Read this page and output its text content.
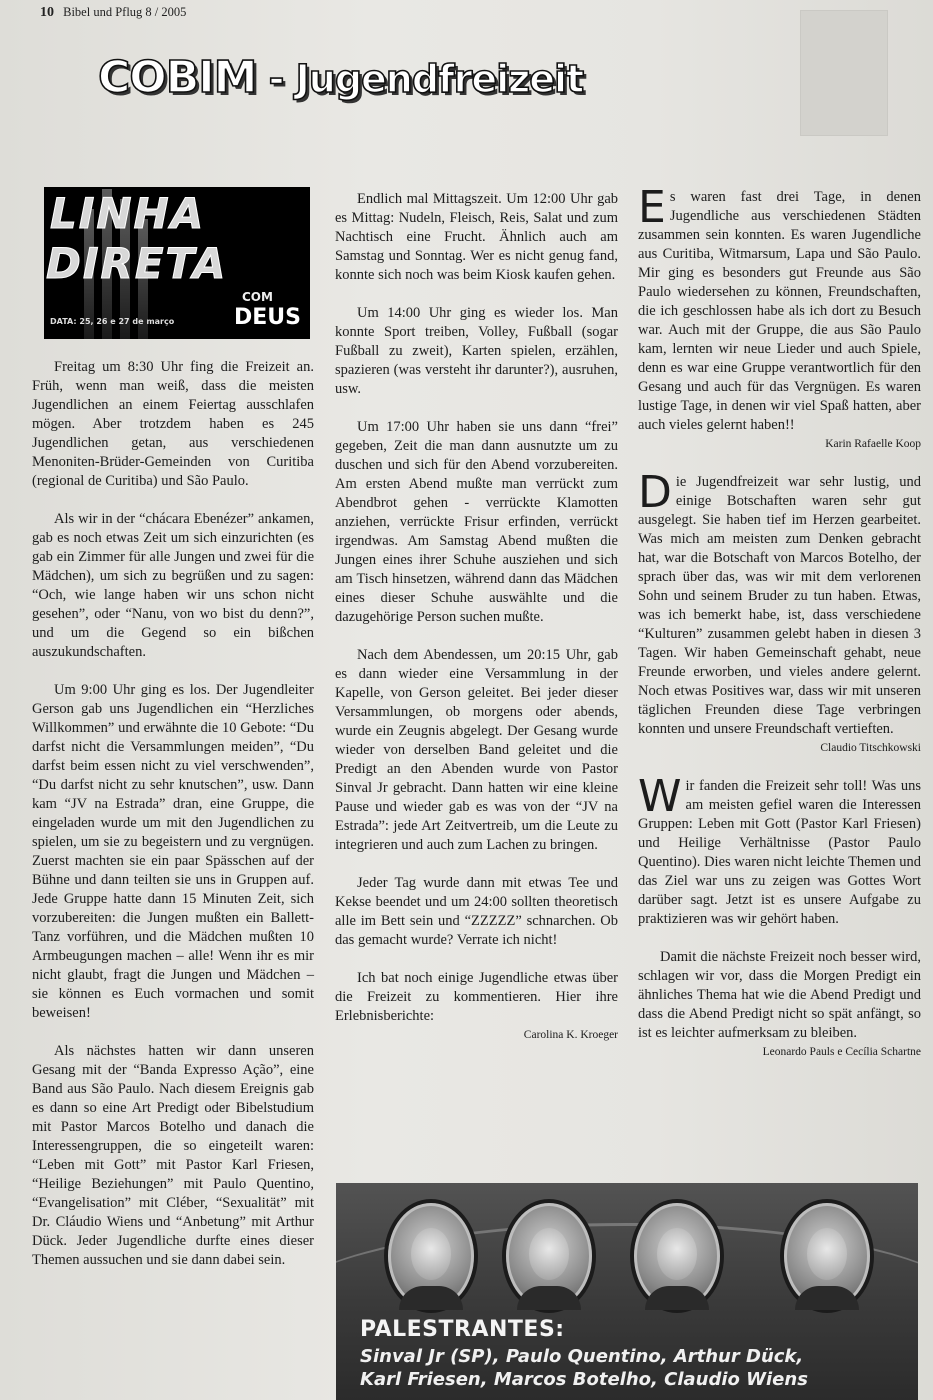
10 Bibel und Pflug 8 / 2005
COBIM - Jugendfreizeit
LINHA
DIRETA
COM
DEUS
DATA: 25, 26 e 27 de março

Freitag um 8:30 Uhr fing die Freizeit an. Früh, wenn man weiß, dass die meisten Jugendlichen an einem Feiertag ausschlafen mögen. Aber trotzdem haben es 245 Jugendlichen getan, aus verschiedenen Menoniten-Brüder-Gemeinden von Curitiba (regional de Curitiba) und São Paulo.

Als wir in der “chácara Ebenézer” ankamen, gab es noch etwas Zeit um sich einzurichten (es gab ein Zimmer für alle Jungen und zwei für die Mädchen), um sich zu begrüßen und zu sagen: “Och, wie lange haben wir uns schon nicht gesehen”, oder “Nanu, von wo bist du denn?”, und um die Gegend so ein bißchen auszukundschaften.

Um 9:00 Uhr ging es los. Der Jugendleiter Gerson gab uns Jugendlichen ein “Herzliches Willkommen” und erwähnte die 10 Gebote: “Du darfst nicht die Versammlungen meiden”, “Du darfst beim essen nicht zu viel verschwenden”, “Du darfst nicht zu sehr knutschen”, usw. Dann kam “JV na Estrada” dran, eine Gruppe, die eingeladen wurde um mit den Jugendlichen zu spielen, um sie zu begeistern und zu vergnügen. Zuerst machten sie ein paar Spässchen auf der Bühne und dann teilten sie uns in Gruppen auf. Jede Gruppe hatte dann 15 Minuten Zeit, sich vorzubereiten: die Jungen mußten ein Ballett-Tanz vorführen, und die Mädchen mußten 10 Armbeugungen machen – alle! Wenn ihr es mir nicht glaubt, fragt die Jungen und Mädchen – sie können es Euch vormachen und somit beweisen!

Als nächstes hatten wir dann unseren Gesang mit der “Banda Expresso Ação”, eine Band aus São Paulo. Nach diesem Ereignis gab es dann so eine Art Predigt oder Bibelstudium mit Pastor Marcos Botelho und danach die Interessengruppen, die so eingeteilt waren: “Leben mit Gott” mit Pastor Karl Friesen, “Heilige Beziehungen” mit Paulo Quentino, “Evangelisation” mit Cléber, “Sexualität” mit Dr. Cláudio Wiens und “Anbetung” mit Arthur Dück. Jeder Jugendliche durfte eines dieser Themen aussuchen und sie dann dabei sein.

Endlich mal Mittagszeit. Um 12:00 Uhr gab es Mittag: Nudeln, Fleisch, Reis, Salat und zum Nachtisch eine Frucht. Ähnlich auch am Samstag und Sonntag. Wer es nicht genug fand, konnte sich noch was beim Kiosk kaufen gehen.

Um 14:00 Uhr ging es wieder los. Man konnte Sport treiben, Volley, Fußball (sogar Fußball zu zweit), Karten spielen, erzählen, spazieren (was versteht ihr darunter?), ausruhen, usw.

Um 17:00 Uhr haben sie uns dann “frei” gegeben, Zeit die man dann ausnutzte um zu duschen und sich für den Abend vorzubereiten. Am ersten Abend mußte man verrückt zum Abendbrot gehen - verrückte Klamotten anziehen, verrückte Frisur erfinden, verrückt irgendwas. Am Samstag Abend mußten die Jungen eines ihrer Schuhe ausziehen und sich am Tisch hinsetzen, während dann das Mädchen eines dieser Schuhe auswählte und die dazugehörige Person suchen mußte.

Nach dem Abendessen, um 20:15 Uhr, gab es dann wieder eine Versammlung in der Kapelle, von Gerson geleitet. Bei jeder dieser Versammlungen, ob morgens oder abends, wurde ein Zeugnis abgelegt. Der Gesang wurde wieder von derselben Band geleitet und die Predigt an den Abenden wurde von Pastor Sinval Jr gebracht. Dann hatten wir eine kleine Pause und wieder gab es was von der “JV na Estrada”: jede Art Zeitvertreib, um die Leute zu integrieren und auch zum Lachen zu bringen.

Jeder Tag wurde dann mit etwas Tee und Kekse beendet und um 24:00 sollten theoretisch alle im Bett sein und “ZZZZZ” schnarchen. Ob das gemacht wurde? Verrate ich nicht!

Ich bat noch einige Jugendliche etwas über die Freizeit zu kommentieren. Hier ihre Erlebnisberichte:

Carolina K. Kroeger

Es waren fast drei Tage, in denen Jugendliche aus verschiedenen Städten zusammen sein konnten. Es waren Jugendliche aus Curitiba, Witmarsum, Lapa und São Paulo. Mir ging es besonders gut Freunde aus São Paulo wiedersehen zu können, Freundschaften, die ich geschlossen habe als ich dort zu Besuch war. Auch mit der Gruppe, die aus São Paulo kam, lernten wir neue Lieder und auch Spiele, denn es war eine Gruppe verantwortlich für den Gesang und auch für das Vergnügen. Es waren lustige Tage, in denen wir viel Spaß hatten, aber auch vieles gelernt haben!!

Karin Rafaelle Koop

Die Jugendfreizeit war sehr lustig, und einige Botschaften waren sehr gut ausgelegt. Sie haben tief im Herzen gearbeitet. Was mich am meisten zum Denken gebracht hat, war die Botschaft von Marcos Botelho, der sprach über das, was wir mit dem verlorenen Sohn und seinem Bruder zu tun haben. Etwas, was ich bemerkt habe, ist, dass verschiedene “Kulturen” zusammen gelebt haben in diesen 3 Tagen. Wir haben Gemeinschaft gehabt, neue Freunde erworben, und vieles andere gelernt. Noch etwas Positives war, dass wir mit unseren täglichen Freunden diese Tage verbringen konnten und unsere Freundschaft vertieften.

Claudio Titschkowski

Wir fanden die Freizeit sehr toll! Was uns am meisten gefiel waren die Interessen Gruppen: Leben mit Gott (Pastor Karl Friesen) und Heilige Verhältnisse (Pastor Paulo Quentino). Dies waren nicht leichte Themen und das Ziel war uns zu zeigen was Gottes Wort darüber sagt. Jetzt ist es unsere Aufgabe zu praktizieren was wir gehört haben.

Damit die nächste Freizeit noch besser wird, schlagen wir vor, dass die Morgen Predigt ein ähnliches Thema hat wie die Abend Predigt und dass die Abend Predigt nicht so spät anfängt, so ist es leichter aufmerksam zu bleiben.

Leonardo Pauls e Cecília Schartne

PALESTRANTES:
Sinval Jr (SP), Paulo Quentino, Arthur Dück,
Karl Friesen, Marcos Botelho, Claudio Wiens
